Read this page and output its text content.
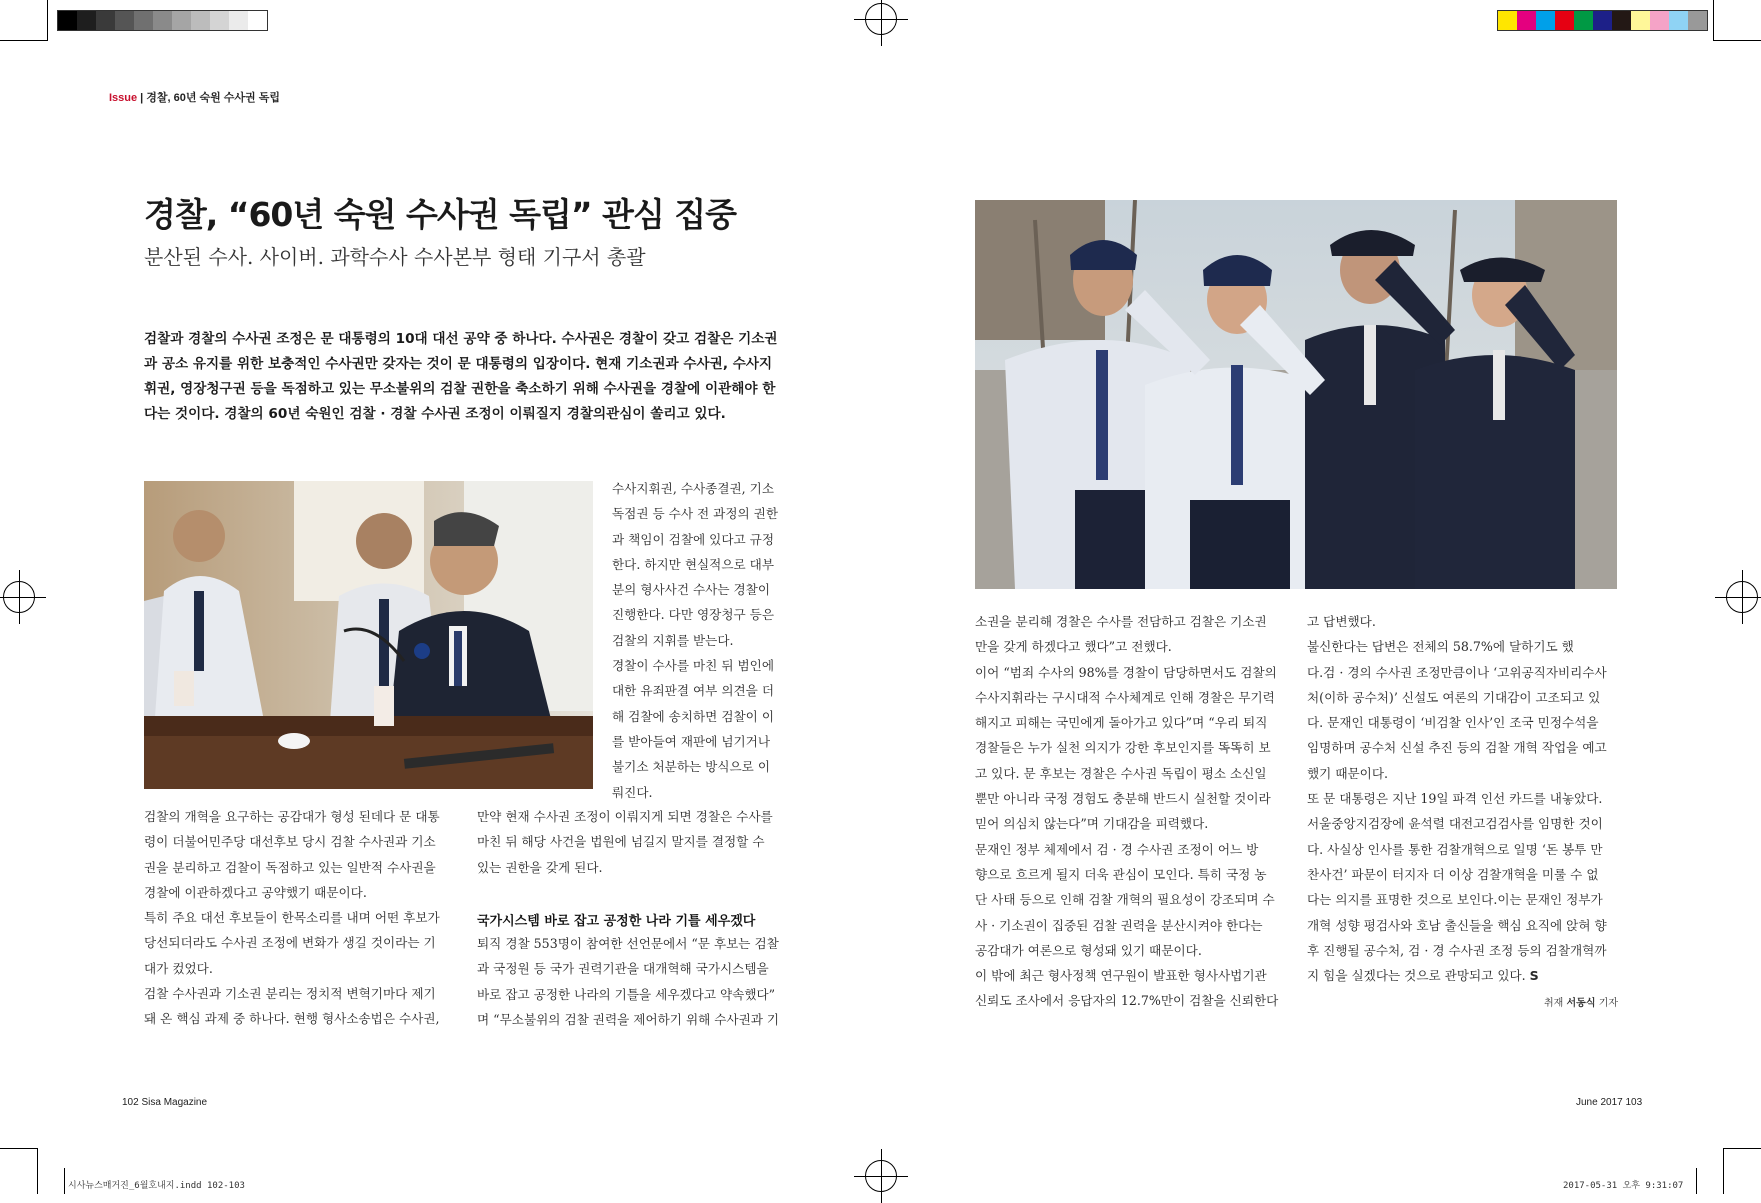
Issue | 경찰, 60년 숙원 수사권 독립
경찰, “60년 숙원 수사권 독립” 관심 집중
분산된 수사. 사이버. 과학수사 수사본부 형태 기구서 총괄
검찰과 경찰의 수사권 조정은 문 대통령의 10대 대선 공약 중 하나다. 수사권은 경찰이 갖고 검찰은 기소권
과 공소 유지를 위한 보충적인 수사권만 갖자는 것이 문 대통령의 입장이다. 현재 기소권과 수사권, 수사지
휘권, 영장청구권 등을 독점하고 있는 무소불위의 검찰 권한을 축소하기 위해 수사권을 경찰에 이관해야 한
다는 것이다. 경찰의 60년 숙원인 검찰 · 경찰 수사권 조정이 이뤄질지 경찰의관심이 쏠리고 있다.

수사지휘권, 수사종결권, 기소

독점권 등 수사 전 과정의 권한

과 책임이 검찰에 있다고 규정

한다. 하지만 현실적으로 대부

분의 형사사건 수사는 경찰이

진행한다. 다만 영장청구 등은

검찰의 지휘를 받는다.

경찰이 수사를 마친 뒤 범인에

대한 유죄판결 여부 의견을 더

해 검찰에 송치하면 검찰이 이

를 받아들여 재판에 넘기거나

불기소 처분하는 방식으로 이

뤄진다.

검찰의 개혁을 요구하는 공감대가 형성 된데다 문 대통

령이 더불어민주당 대선후보 당시 검찰 수사권과 기소

권을 분리하고 검찰이 독점하고 있는 일반적 수사권을

경찰에 이관하겠다고 공약했기 때문이다.

특히 주요 대선 후보들이 한목소리를 내며 어떤 후보가

당선되더라도 수사권 조정에 변화가 생길 것이라는 기

대가 컸었다.

검찰 수사권과 기소권 분리는 정치적 변혁기마다 제기

돼 온 핵심 과제 중 하나다. 현행 형사소송법은 수사권,

만약 현재 수사권 조정이 이뤄지게 되면 경찰은 수사를

마친 뒤 해당 사건을 법원에 넘길지 말지를 결정할 수

있는 권한을 갖게 된다.

국가시스템 바로 잡고 공정한 나라 기틀 세우겠다

퇴직 경찰 553명이 참여한 선언문에서 “문 후보는 검찰

과 국정원 등 국가 권력기관을 대개혁해 국가시스템을

바로 잡고 공정한 나라의 기틀을 세우겠다고 약속했다”

며 “무소불위의 검찰 권력을 제어하기 위해 수사권과 기

소권을 분리해 경찰은 수사를 전담하고 검찰은 기소권

만을 갖게 하겠다고 했다”고 전했다.

이어 “범죄 수사의 98%를 경찰이 담당하면서도 검찰의

수사지휘라는 구시대적 수사체계로 인해 경찰은 무기력

해지고 피해는 국민에게 돌아가고 있다”며 “우리 퇴직

경찰들은 누가 실천 의지가 강한 후보인지를 똑똑히 보

고 있다. 문 후보는 경찰은 수사권 독립이 평소 소신일

뿐만 아니라 국정 경험도 충분해 반드시 실천할 것이라

믿어 의심치 않는다”며 기대감을 피력했다.

문재인 정부 체제에서 검 · 경 수사권 조정이 어느 방

향으로 흐르게 될지 더욱 관심이 모인다. 특히 국정 농

단 사태 등으로 인해 검찰 개혁의 필요성이 강조되며 수

사 · 기소권이 집중된 검찰 권력을 분산시켜야 한다는

공감대가 여론으로 형성돼 있기 때문이다.

이 밖에 최근 형사정책 연구원이 발표한 형사사법기관

신뢰도 조사에서 응답자의 12.7%만이 검찰을 신뢰한다

고 답변했다.

불신한다는 답변은 전체의 58.7%에 달하기도 했

다.검 · 경의 수사권 조정만큼이나 ‘고위공직자비리수사

처(이하 공수처)’ 신설도 여론의 기대감이 고조되고 있

다. 문재인 대통령이 ‘비검찰 인사’인 조국 민정수석을

임명하며 공수처 신설 추진 등의 검찰 개혁 작업을 예고

했기 때문이다.

또 문 대통령은 지난 19일 파격 인선 카드를 내놓았다.

서울중앙지검장에 윤석렬 대전고검검사를 임명한 것이

다. 사실상 인사를 통한 검찰개혁으로 일명 ‘돈 봉투 만

찬사건’ 파문이 터지자 더 이상 검찰개혁을 미룰 수 없

다는 의지를 표명한 것으로 보인다.이는 문재인 정부가

개혁 성향 평검사와 호남 출신들을 핵심 요직에 앉혀 향

후 진행될 공수처, 검 · 경 수사권 조정 등의 검찰개혁까

지 힘을 실겠다는 것으로 관망되고 있다. S

취재 서동식 기자
102 Sisa Magazine	June 2017 103
시사뉴스매거진_6월호내지.indd 102-103	2017-05-31 오후 9:31:07
